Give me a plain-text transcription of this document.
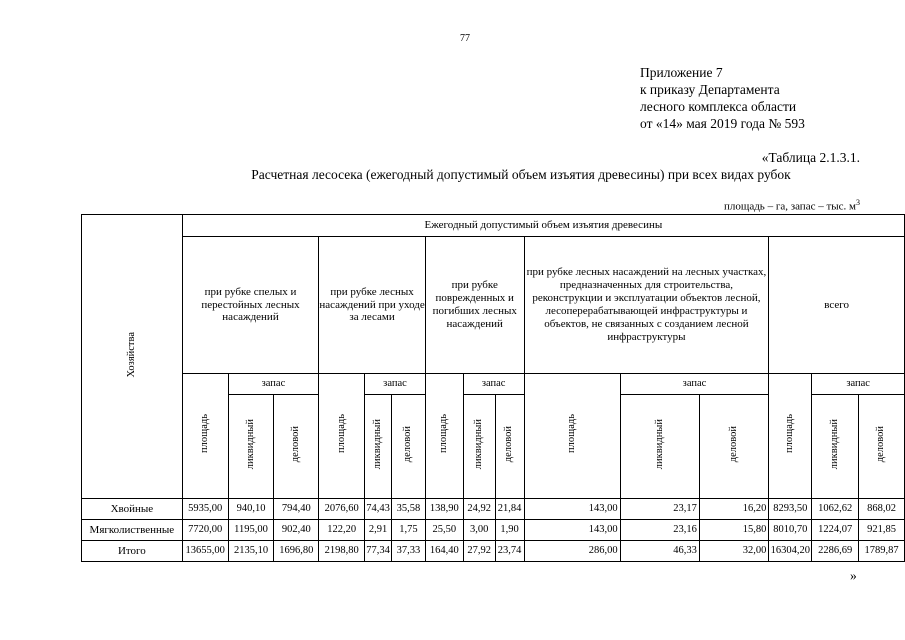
77
Приложение 7
к приказу Департамента
лесного комплекса области
от «14» мая 2019 года № 593
«Таблица 2.1.3.1.
Расчетная лесосека (ежегодный допустимый объем изъятия древесины) при всех видах рубок
площадь – га, запас – тыс. $м^3$
Хозяйства	Ежегодный допустимый объем изъятия древесины														
	при рубке спелых и перестойных лесных насаждений			при рубке лесных насаждений при уходе за лесами			при рубке поврежденных и погибших лесных насаждений			при рубке лесных насаждений на лесных участках, предназначенных для строительства, реконструкции и эксплуатации объектов лесной, лесоперерабатывающей инфраструктуры и объектов, не связанных с созданием лесной инфраструктуры			всего		
	площадь	запас		площадь	запас		площадь	запас		площадь	запас		площадь	запас	
		ликвидный	деловой		ликвидный	деловой		ликвидный	деловой		ликвидный	деловой		ликвидный	деловой
Хвойные	5935,00	940,10	794,40	2076,60	74,43	35,58	138,90	24,92	21,84	143,00	23,17	16,20	8293,50	1062,62	868,02
Мягколиственные	7720,00	1195,00	902,40	122,20	2,91	1,75	25,50	3,00	1,90	143,00	23,16	15,80	8010,70	1224,07	921,85
Итого	13655,00	2135,10	1696,80	2198,80	77,34	37,33	164,40	27,92	23,74	286,00	46,33	32,00	16304,20	2286,69	1789,87
»
